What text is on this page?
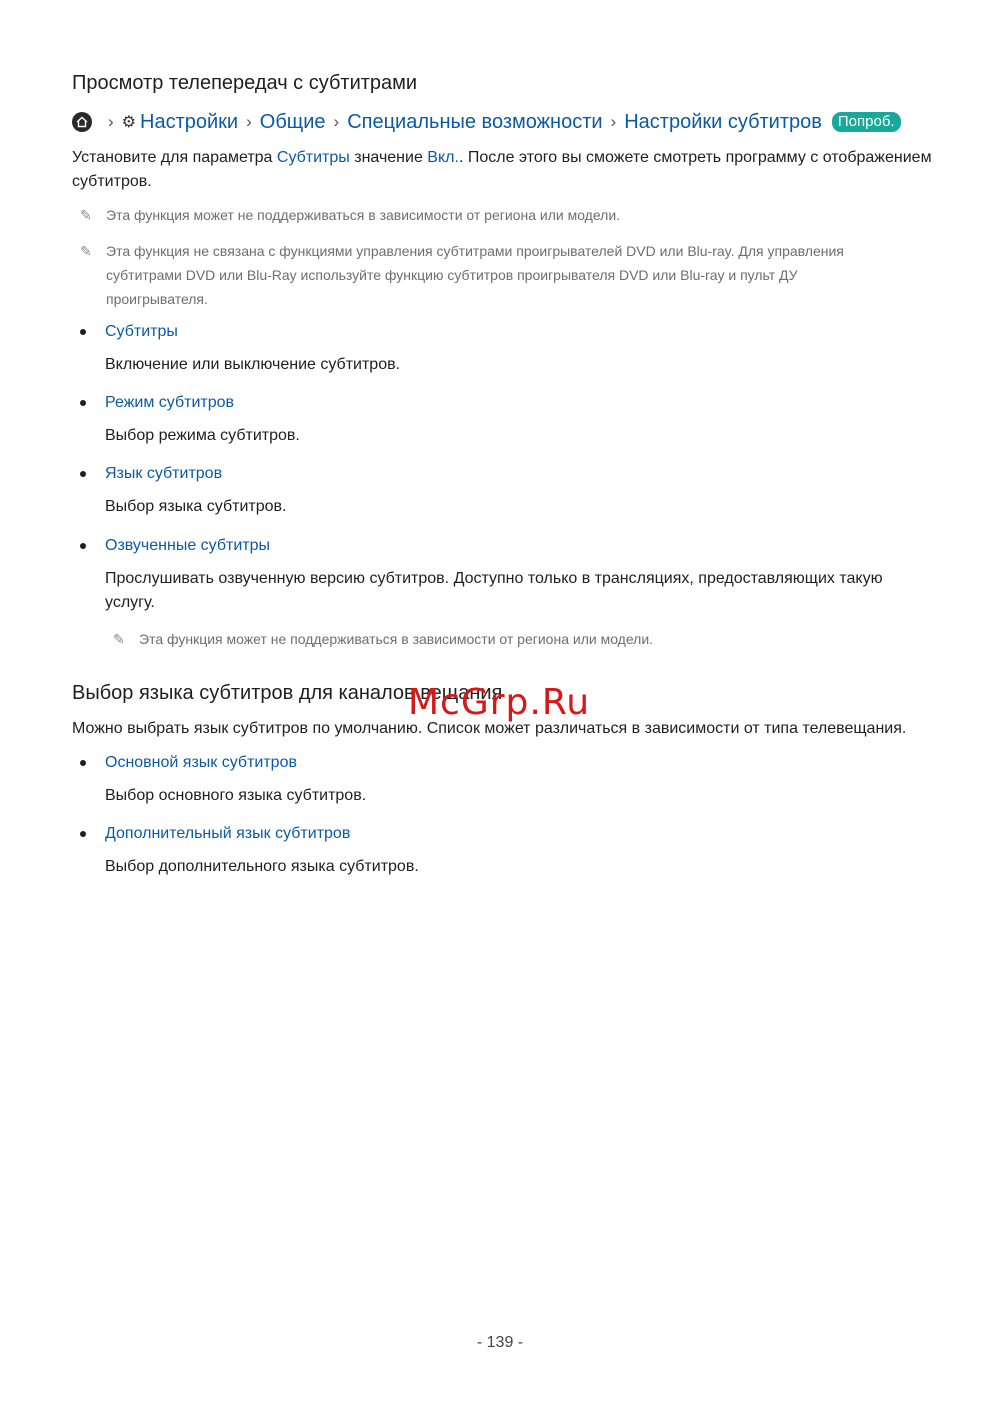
Просмотр телепередач с субтитрами
› ⚙ Настройки › Общие › Специальные возможности › Настройки субтитров	Попроб.

Установите для параметра Субтитры значение Вкл.. После этого вы сможете смотреть программу с отображением субтитров.

✎ Эта функция может не поддерживаться в зависимости от региона или модели.

✎ Эта функция не связана с функциями управления субтитрами проигрывателей DVD или Blu-ray. Для управления субтитрами DVD или Blu-Ray используйте функцию субтитров проигрывателя DVD или Blu-ray и пульт ДУ проигрывателя.

Субтитры

Включение или выключение субтитров.

Режим субтитров

Выбор режима субтитров.

Язык субтитров

Выбор языка субтитров.

Озвученные субтитры

Прослушивать озвученную версию субтитров. Доступно только в трансляциях, предоставляющих такую услугу.

✎ Эта функция может не поддерживаться в зависимости от региона или модели.

Выбор языка субтитров для каналов вещания

Можно выбрать язык субтитров по умолчанию. Список может различаться в зависимости от типа телевещания.

Основной язык субтитров

Выбор основного языка субтитров.

Дополнительный язык субтитров

Выбор дополнительного языка субтитров.

McGrp.Ru
- 139 -
